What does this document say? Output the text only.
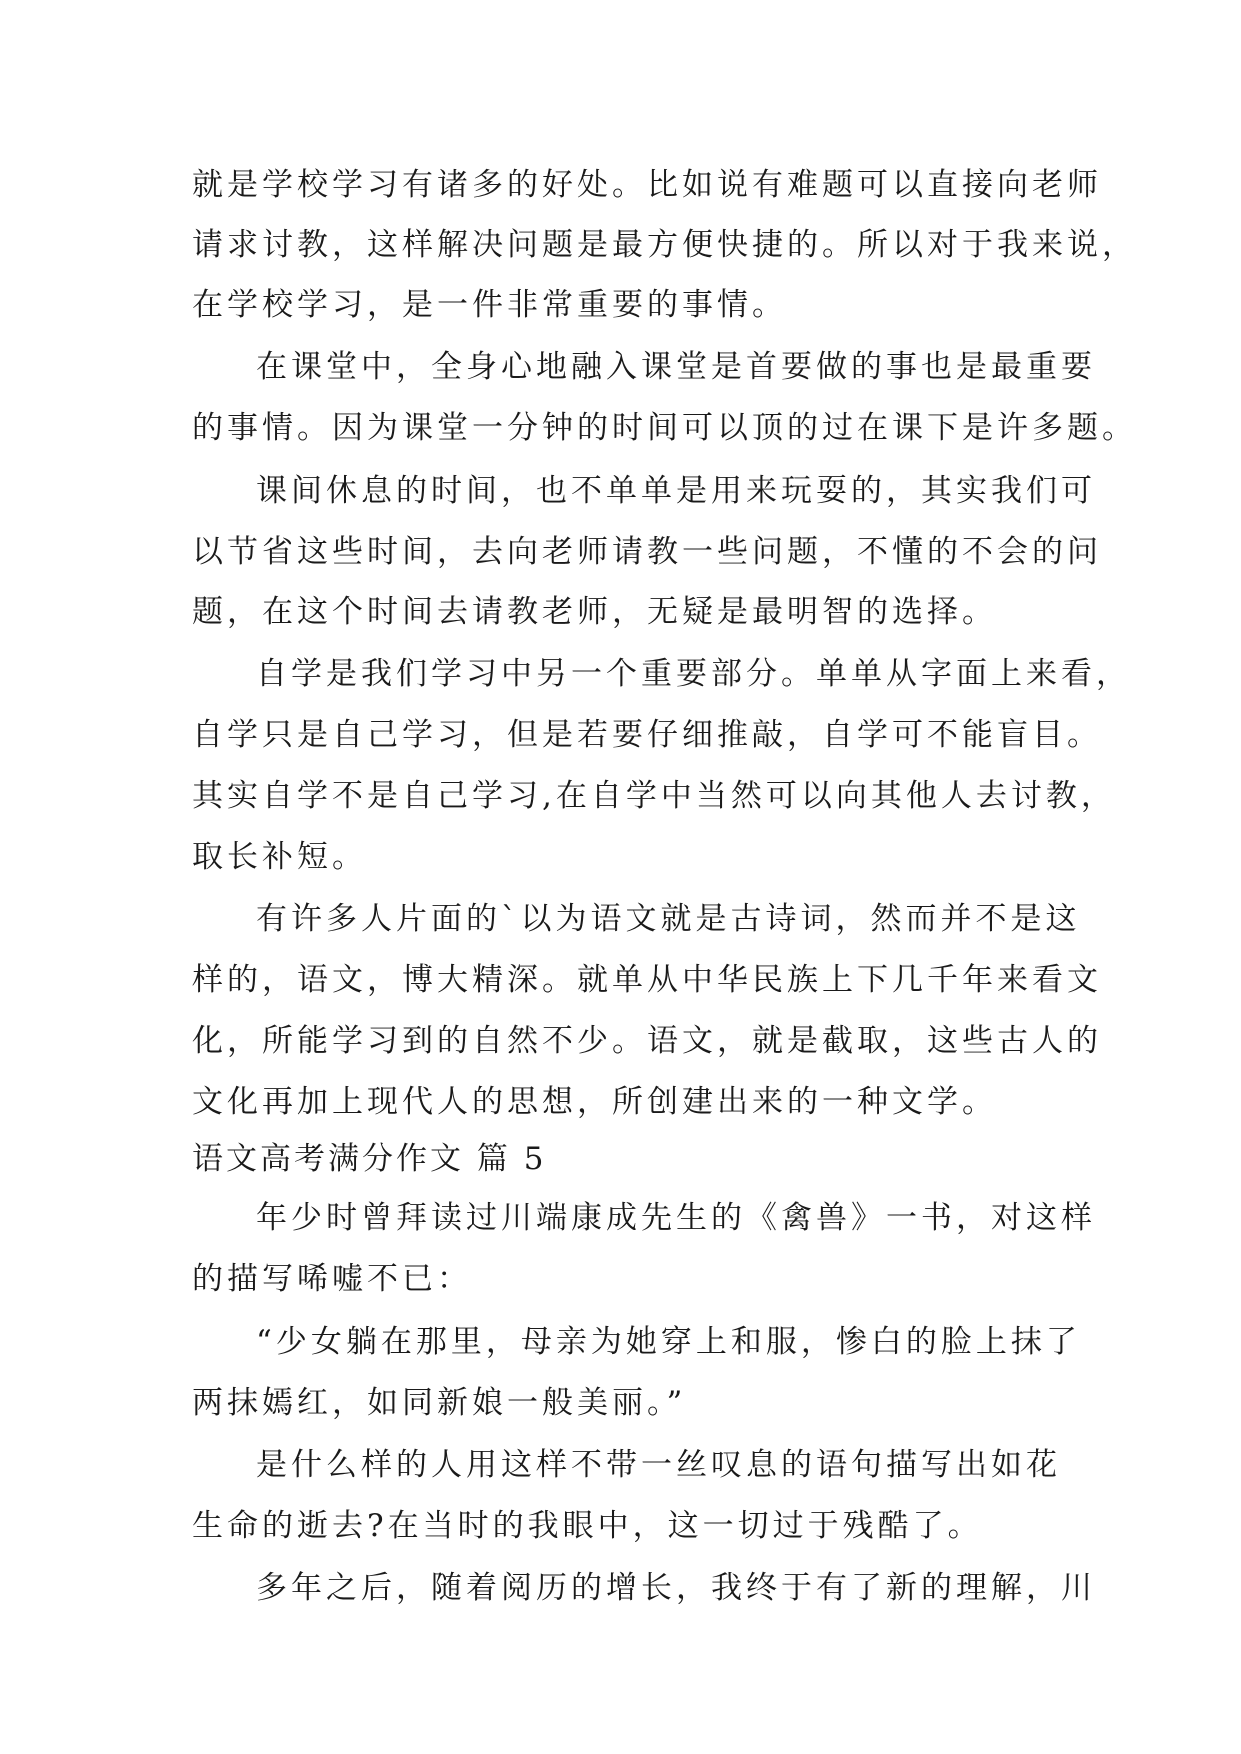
就是学校学习有诸多的好处。比如说有难题可以直接向老师
请求讨教，这样解决问题是最方便快捷的。所以对于我来说，
在学校学习，是一件非常重要的事情。
在课堂中，全身心地融入课堂是首要做的事也是最重要
的事情。因为课堂一分钟的时间可以顶的过在课下是许多题。
课间休息的时间，也不单单是用来玩耍的，其实我们可
以节省这些时间，去向老师请教一些问题，不懂的不会的问
题，在这个时间去请教老师，无疑是最明智的选择。
自学是我们学习中另一个重要部分。单单从字面上来看，
自学只是自己学习，但是若要仔细推敲，自学可不能盲目。
其实自学不是自己学习,在自学中当然可以向其他人去讨教，
取长补短。
有许多人片面的`以为语文就是古诗词，然而并不是这
样的，语文，博大精深。就单从中华民族上下几千年来看文
化，所能学习到的自然不少。语文，就是截取，这些古人的
文化再加上现代人的思想，所创建出来的一种文学。
语文高考满分作文 篇 5
年少时曾拜读过川端康成先生的《禽兽》一书，对这样
的描写唏嘘不已：
“少女躺在那里，母亲为她穿上和服，惨白的脸上抹了
两抹嫣红，如同新娘一般美丽。”
是什么样的人用这样不带一丝叹息的语句描写出如花
生命的逝去?在当时的我眼中，这一切过于残酷了。
多年之后，随着阅历的增长，我终于有了新的理解，川
